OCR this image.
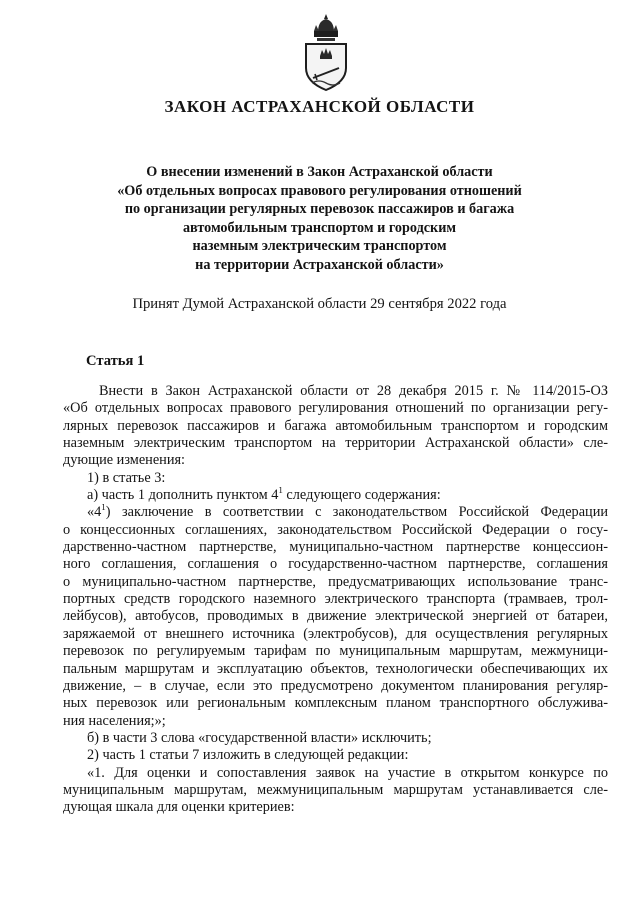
ЗАКОН АСТРАХАНСКОЙ ОБЛАСТИ
О внесении изменений в Закон Астраханской области
«Об отдельных вопросах правового регулирования отношений
по организации регулярных перевозок пассажиров и багажа
автомобильным транспортом и городским
наземным электрическим транспортом
на территории Астраханской области»
Принят Думой Астраханской области 29 сентября 2022 года
Статья 1
Внести в Закон Астраханской области от 28 декабря 2015 г. № 114/2015-ОЗ
«Об отдельных вопросах правового регулирования отношений по организации регу-
лярных перевозок пассажиров и багажа автомобильным транспортом и городским
наземным электрическим транспортом на территории Астраханской области» сле-
дующие изменения:
1) в статье 3:
а) часть 1 дополнить пунктом $4^1$ следующего содержания:
«$4^1$) заключение в соответствии с законодательством Российской Федерации
о концессионных соглашениях, законодательством Российской Федерации о госу-
дарственно-частном партнерстве, муниципально-частном партнерстве концессион-
ного соглашения, соглашения о государственно-частном партнерстве, соглашения
о муниципально-частном партнерстве, предусматривающих использование транс-
портных средств городского наземного электрического транспорта (трамваев, трол-
лейбусов), автобусов, проводимых в движение электрической энергией от батареи,
заряжаемой от внешнего источника (электробусов), для осуществления регулярных
перевозок по регулируемым тарифам по муниципальным маршрутам, межмуници-
пальным маршрутам и эксплуатацию объектов, технологически обеспечивающих их
движение, – в случае, если это предусмотрено документом планирования регуляр-
ных перевозок или региональным комплексным планом транспортного обслужива-
ния населения;»;
б) в части 3 слова «государственной власти» исключить;
2) часть 1 статьи 7 изложить в следующей редакции:
«1. Для оценки и сопоставления заявок на участие в открытом конкурсе по
муниципальным маршрутам, межмуниципальным маршрутам устанавливается сле-
дующая шкала для оценки критериев:
